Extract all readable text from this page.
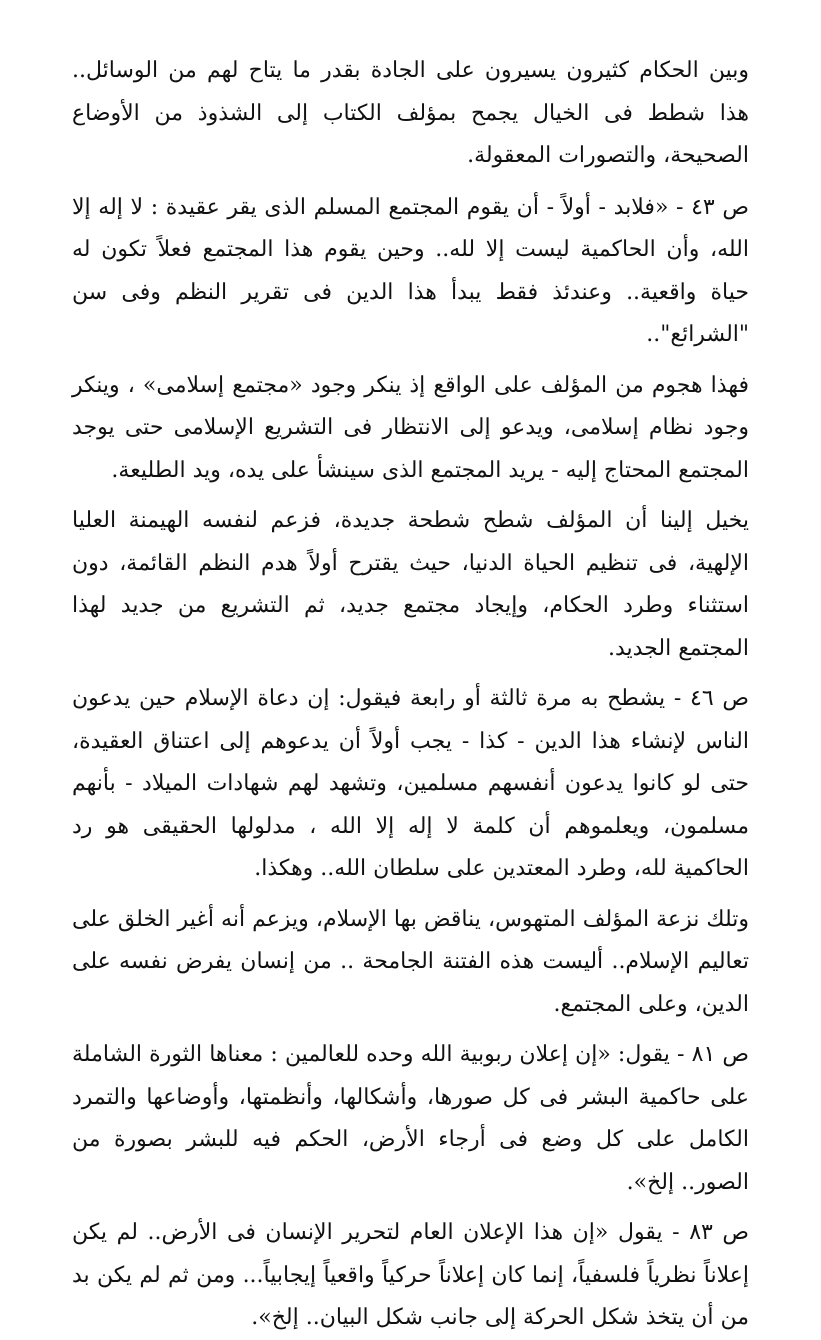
وبين الحكام كثيرون يسيرون على الجادة بقدر ما يتاح لهم من الوسائل.. هذا شطط فى الخيال يجمح بمؤلف الكتاب إلى الشذوذ من الأوضاع الصحيحة، والتصورات المعقولة.

ص ٤٣ - «فلابد - أولاً - أن يقوم المجتمع المسلم الذى يقر عقيدة : لا إله إلا الله، وأن الحاكمية ليست إلا لله.. وحين يقوم هذا المجتمع فعلاً تكون له حياة واقعية.. وعندئذ فقط يبدأ هذا الدين فى تقرير النظم وفى سن "الشرائع"..

فهذا هجوم من المؤلف على الواقع إذ ينكر وجود «مجتمع إسلامى» ، وينكر وجود نظام إسلامى، ويدعو إلى الانتظار فى التشريع الإسلامى حتى يوجد المجتمع المحتاج إليه - يريد المجتمع الذى سينشأ على يده، ويد الطليعة.

يخيل إلينا أن المؤلف شطح شطحة جديدة، فزعم لنفسه الهيمنة العليا الإلهية، فى تنظيم الحياة الدنيا، حيث يقترح أولاً هدم النظم القائمة، دون استثناء وطرد الحكام، وإيجاد مجتمع جديد، ثم التشريع من جديد لهذا المجتمع الجديد.

ص ٤٦ - يشطح به مرة ثالثة أو رابعة فيقول: إن دعاة الإسلام حين يدعون الناس لإنشاء هذا الدين - كذا - يجب أولاً أن يدعوهم إلى اعتناق العقيدة، حتى لو كانوا يدعون أنفسهم مسلمين، وتشهد لهم شهادات الميلاد - بأنهم مسلمون، ويعلموهم أن كلمة لا إله إلا الله ، مدلولها الحقيقى هو رد الحاكمية لله، وطرد المعتدين على سلطان الله.. وهكذا.

وتلك نزعة المؤلف المتهوس، يناقض بها الإسلام، ويزعم أنه أغير الخلق على تعاليم الإسلام.. أليست هذه الفتنة الجامحة .. من إنسان يفرض نفسه على الدين، وعلى المجتمع.

ص ٨١ - يقول: «إن إعلان ربوبية الله وحده للعالمين : معناها الثورة الشاملة على حاكمية البشر فى كل صورها، وأشكالها، وأنظمتها، وأوضاعها والتمرد الكامل على كل وضع فى أرجاء الأرض، الحكم فيه للبشر بصورة من الصور.. إلخ».

ص ٨٣ - يقول «إن هذا الإعلان العام لتحرير الإنسان فى الأرض.. لم يكن إعلاناً نظرياً فلسفياً، إنما كان إعلاناً حركياً واقعياً إيجابياً... ومن ثم لم يكن بد من أن يتخذ شكل الحركة إلى جانب شكل البيان.. إلخ».
